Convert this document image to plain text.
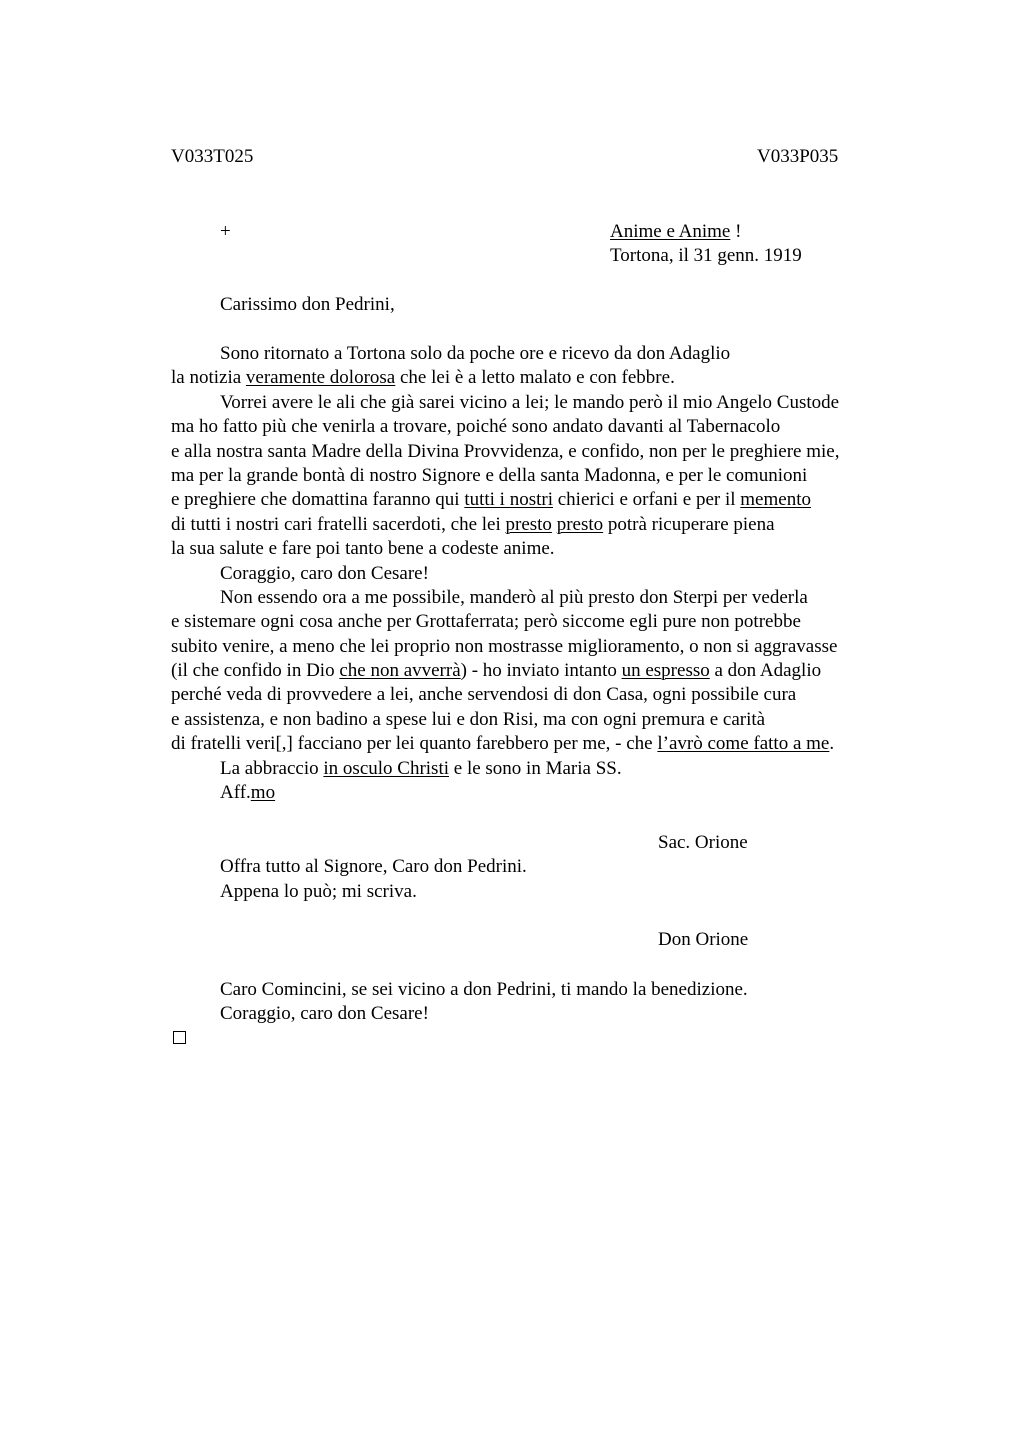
V033T025	V033P035
+	Anime e Anime !
Tortona, il 31 genn. 1919
Carissimo don Pedrini,
Sono ritornato a Tortona solo da poche ore e ricevo da don Adaglio
la notizia veramente dolorosa che lei è a letto malato e con febbre.
Vorrei avere le ali che già sarei vicino a lei; le mando però il mio Angelo Custode
ma ho fatto più che venirla a trovare, poiché sono andato davanti al Tabernacolo
e alla nostra santa Madre della Divina Provvidenza, e confido, non per le preghiere mie,
ma per la grande bontà di nostro Signore e della santa Madonna, e per le comunioni
e preghiere che domattina faranno qui tutti i nostri chierici e orfani e per il memento
di tutti i nostri cari fratelli sacerdoti, che lei presto presto potrà ricuperare piena
la sua salute e fare poi tanto bene a codeste anime.
Coraggio, caro don Cesare!
Non essendo ora a me possibile, manderò al più presto don Sterpi per vederla
e sistemare ogni cosa anche per Grottaferrata; però siccome egli pure non potrebbe
subito venire, a meno che lei proprio non mostrasse miglioramento, o non si aggravasse
(il che confido in Dio che non avverrà) - ho inviato intanto un espresso a don Adaglio
perché veda di provvedere a lei, anche servendosi di don Casa, ogni possibile cura
e assistenza, e non badino a spese lui e don Risi, ma con ogni premura e carità
di fratelli veri[,] facciano per lei quanto farebbero per me, - che l’avrò come fatto a me.
La abbraccio in osculo Christi e le sono in Maria SS.
Aff.mo
Sac. Orione
Offra tutto al Signore, Caro don Pedrini.
Appena lo può; mi scriva.
Don Orione
Caro Comincini, se sei vicino a don Pedrini, ti mando la benedizione.
Coraggio, caro don Cesare!
